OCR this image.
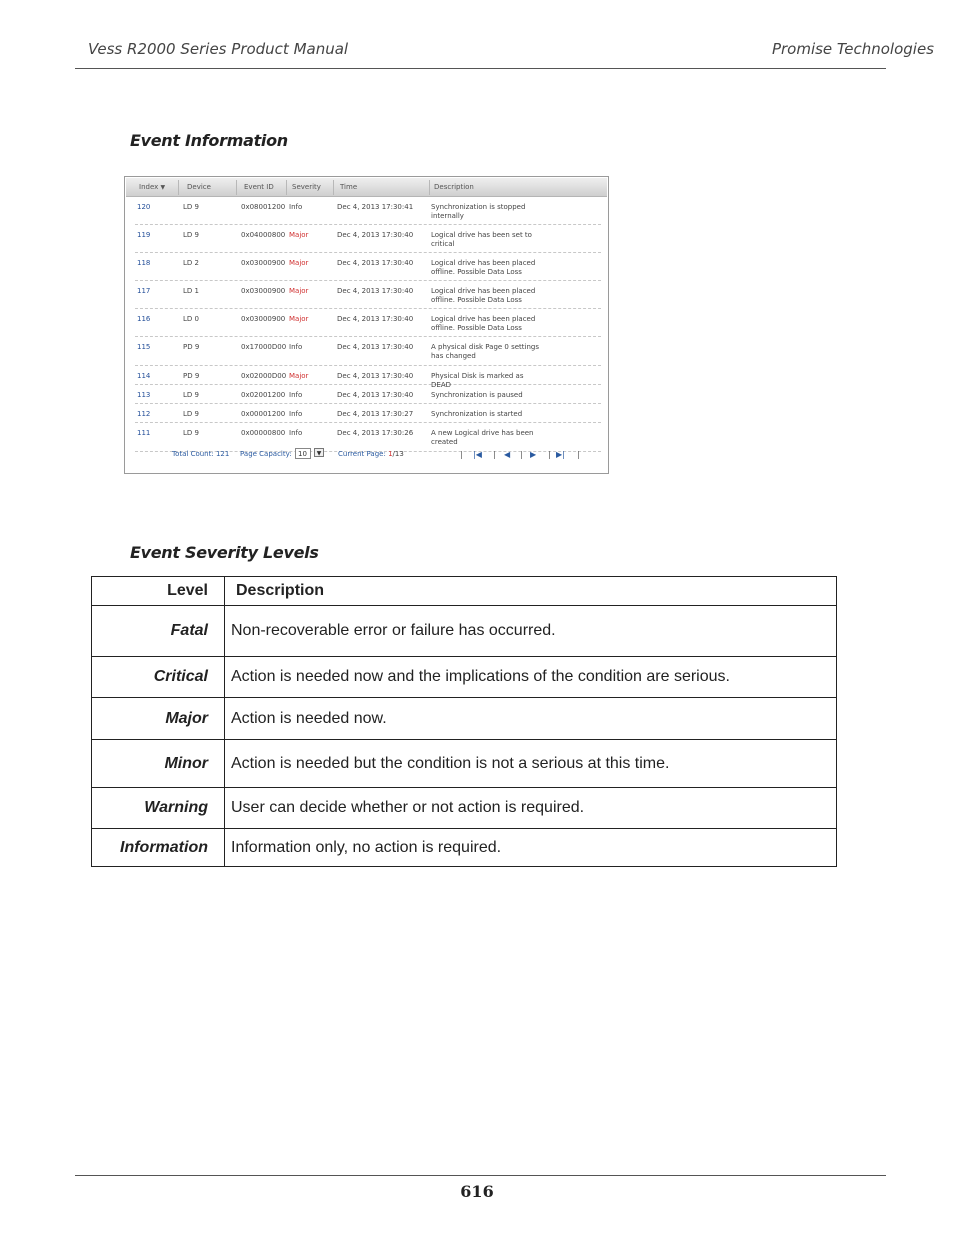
Vess R2000 Series Product Manual	Promise Technologies
Event Information
Index ▼	Device	Event ID	Severity	Time	Description
120	LD 9	0x08001200 Info	Dec 4, 2013 17:30:41	Synchronization is stopped internally
119	LD 9	0x04000800 Major	Dec 4, 2013 17:30:40	Logical drive has been set to critical
118	LD 2	0x03000900 Major	Dec 4, 2013 17:30:40	Logical drive has been placed offline. Possible Data Loss
117	LD 1	0x03000900 Major	Dec 4, 2013 17:30:40	Logical drive has been placed offline. Possible Data Loss
116	LD 0	0x03000900 Major	Dec 4, 2013 17:30:40	Logical drive has been placed offline. Possible Data Loss
115	PD 9	0x17000D00 Info	Dec 4, 2013 17:30:40	A physical disk Page 0 settings has changed
114	PD 9	0x02000D00 Major	Dec 4, 2013 17:30:40	Physical Disk is marked as DEAD
113	LD 9	0x02001200 Info	Dec 4, 2013 17:30:40	Synchronization is paused
112	LD 9	0x00001200 Info	Dec 4, 2013 17:30:27	Synchronization is started
111	LD 9	0x00000800 Info	Dec 4, 2013 17:30:26	A new Logical drive has been created
Total Count: 121 Page Capacity: 10	▼	Current Page: 1/13	| |◀ | ◀ | ▶ | ▶| |
Event Severity Levels
Level	Description
Fatal	Non-recoverable error or failure has occurred.
Critical	Action is needed now and the implications of the condition are serious.
Major	Action is needed now.
Minor	Action is needed but the condition is not a serious at this time.
Warning	User can decide whether or not action is required.
Information	Information only, no action is required.
616
